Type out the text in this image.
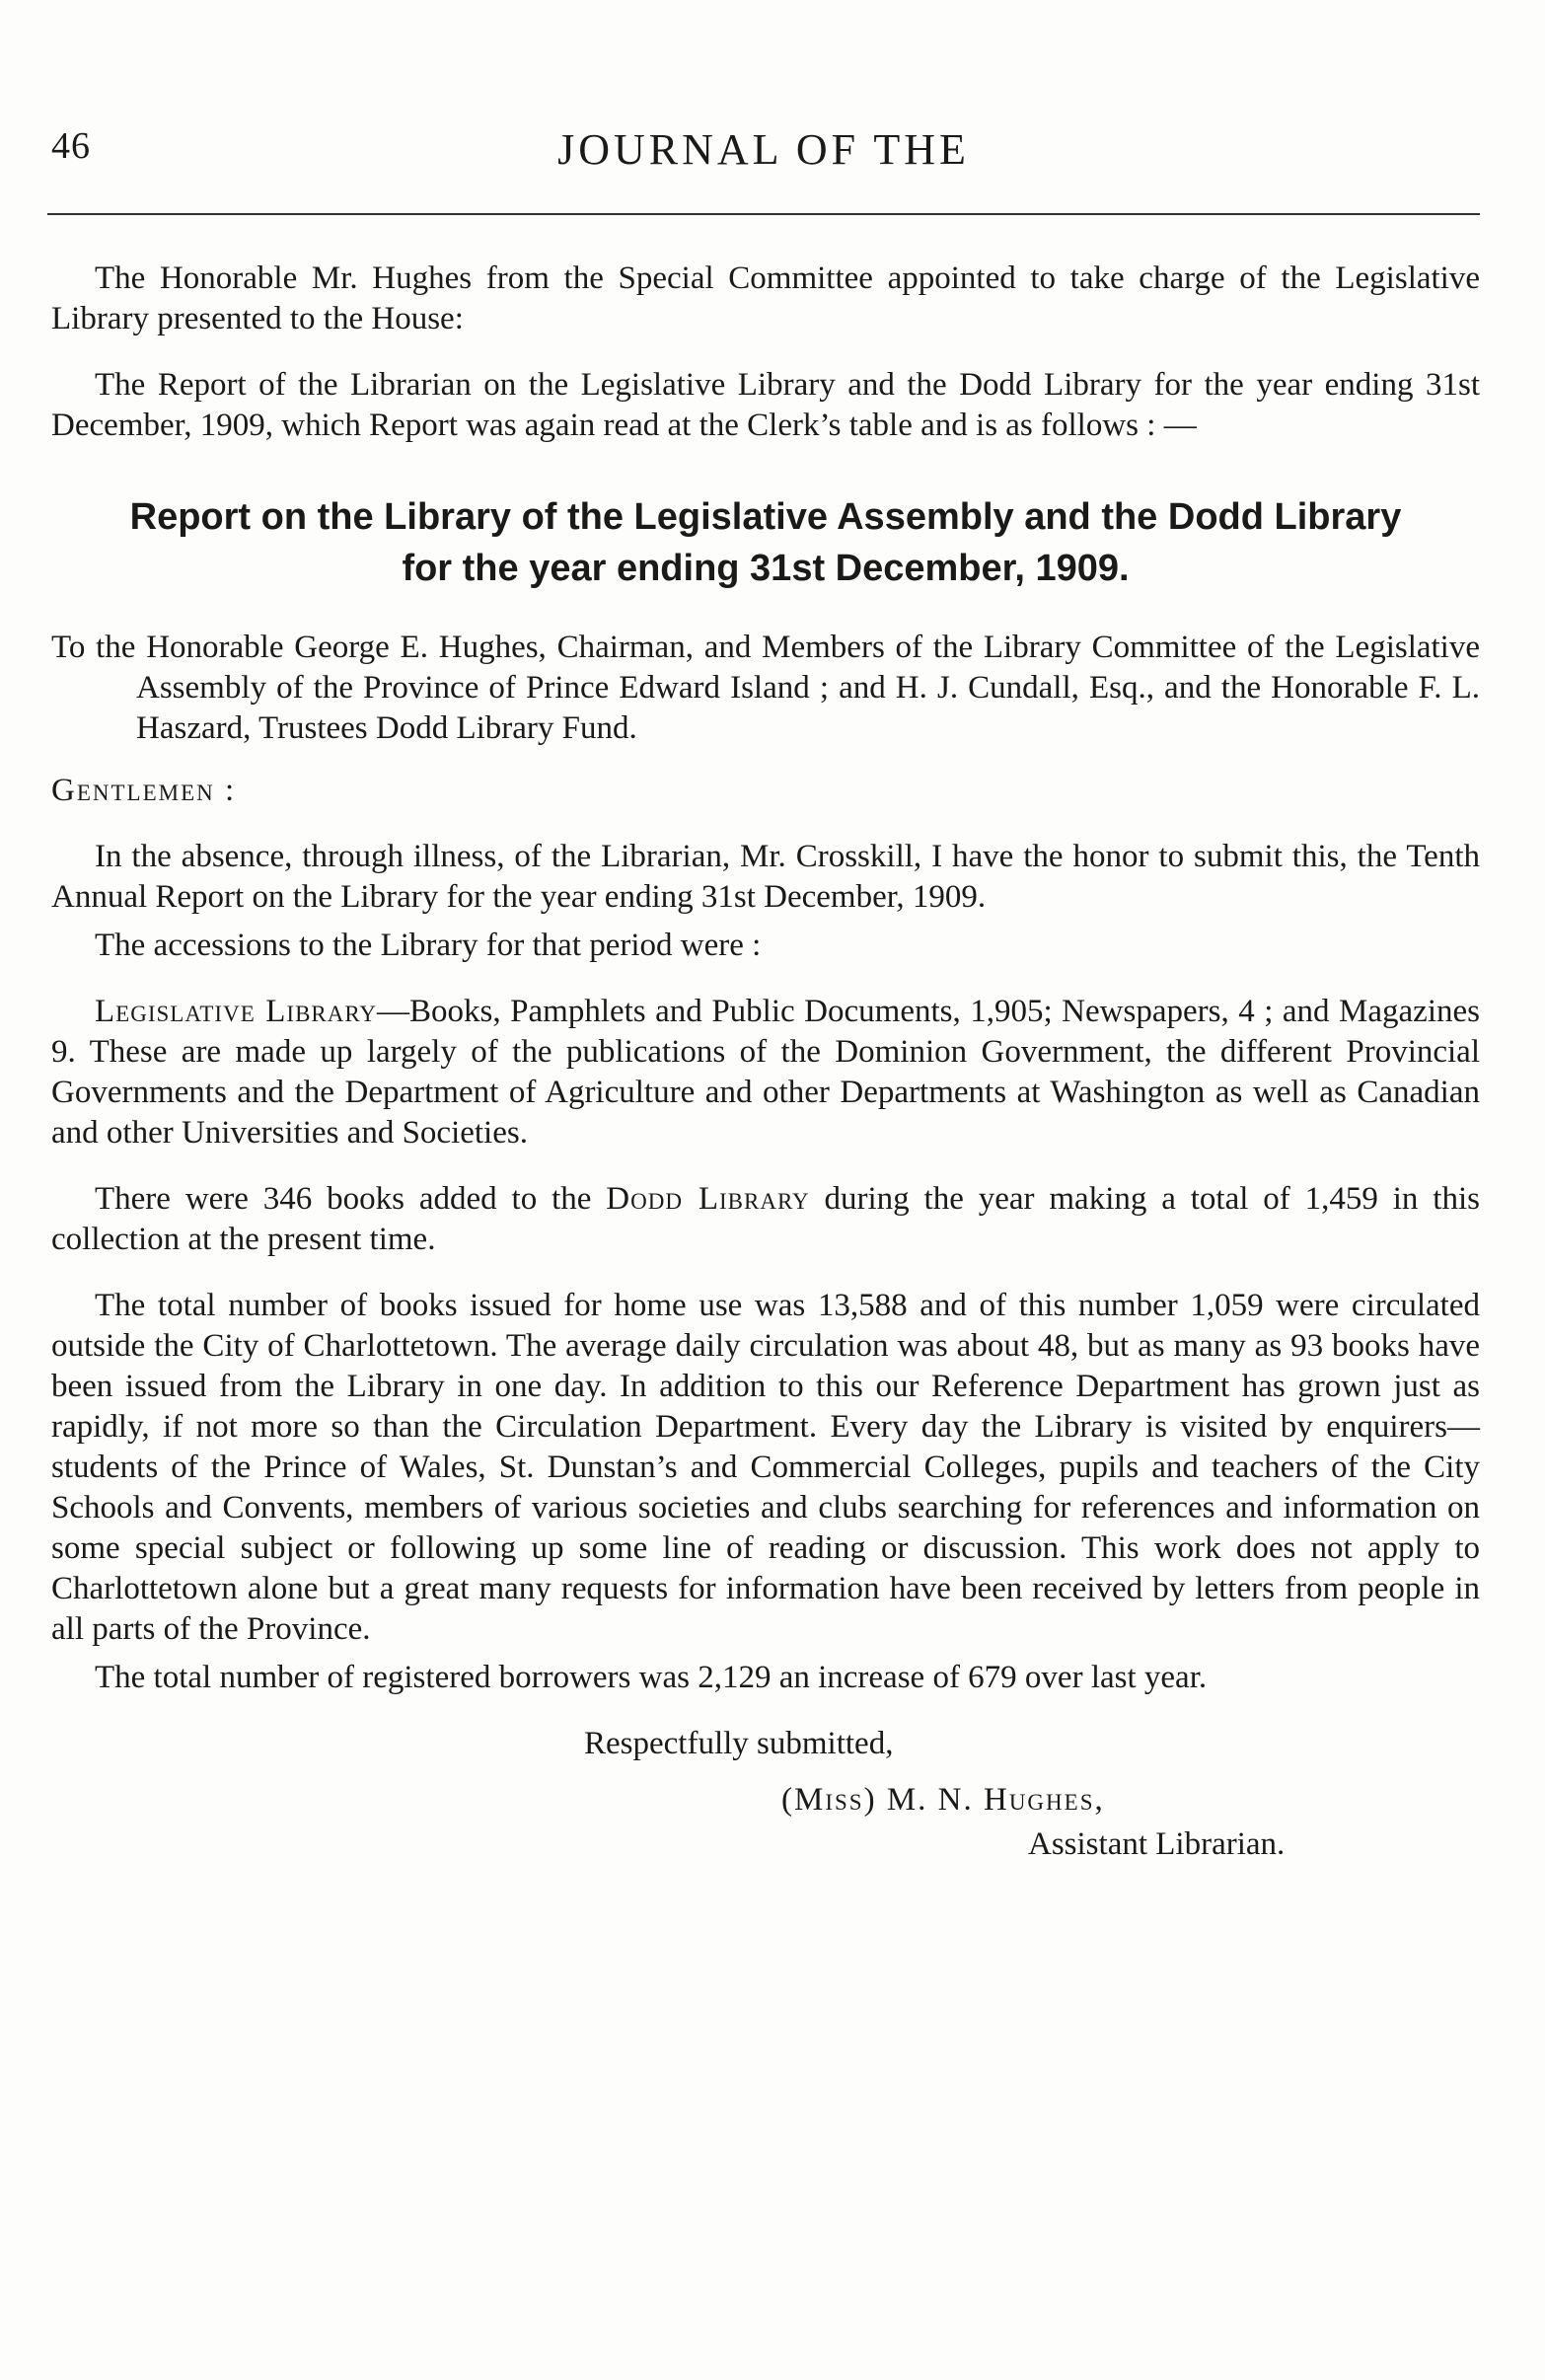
46	JOURNAL OF THE

The Honorable Mr. Hughes from the Special Committee appointed to take charge of the Legislative Library presented to the House:

The Report of the Librarian on the Legislative Library and the Dodd Library for the year ending 31st December, 1909, which Report was again read at the Clerk’s table and is as follows : —

Report on the Library of the Legislative Assembly and the Dodd Library
for the year ending 31st December, 1909.

To the Honorable George E. Hughes, Chairman, and Members of the Library Committee of the Legislative Assembly of the Province of Prince Edward Island ; and H. J. Cundall, Esq., and the Honorable F. L. Haszard, Trustees Dodd Library Fund.

Gentlemen :

In the absence, through illness, of the Librarian, Mr. Crosskill, I have the honor to submit this, the Tenth Annual Report on the Library for the year ending 31st December, 1909.

The accessions to the Library for that period were :

Legislative Library—Books, Pamphlets and Public Documents, 1,905; Newspapers, 4 ; and Magazines 9. These are made up largely of the publications of the Dominion Government, the different Provincial Governments and the Department of Agriculture and other Departments at Washington as well as Canadian and other Universities and Societies.

There were 346 books added to the Dodd Library during the year making a total of 1,459 in this collection at the present time.

The total number of books issued for home use was 13,588 and of this number 1,059 were circulated outside the City of Charlottetown. The average daily circulation was about 48, but as many as 93 books have been issued from the Library in one day. In addition to this our Reference Department has grown just as rapidly, if not more so than the Circulation Department. Every day the Library is visited by enquirers—students of the Prince of Wales, St. Dunstan’s and Commercial Colleges, pupils and teachers of the City Schools and Convents, members of various societies and clubs searching for references and information on some special subject or following up some line of reading or discussion. This work does not apply to Charlottetown alone but a great many requests for information have been received by letters from people in all parts of the Province.

The total number of registered borrowers was 2,129 an increase of 679 over last year.

Respectfully submitted,

(Miss) M. N. Hughes,

Assistant Librarian.
